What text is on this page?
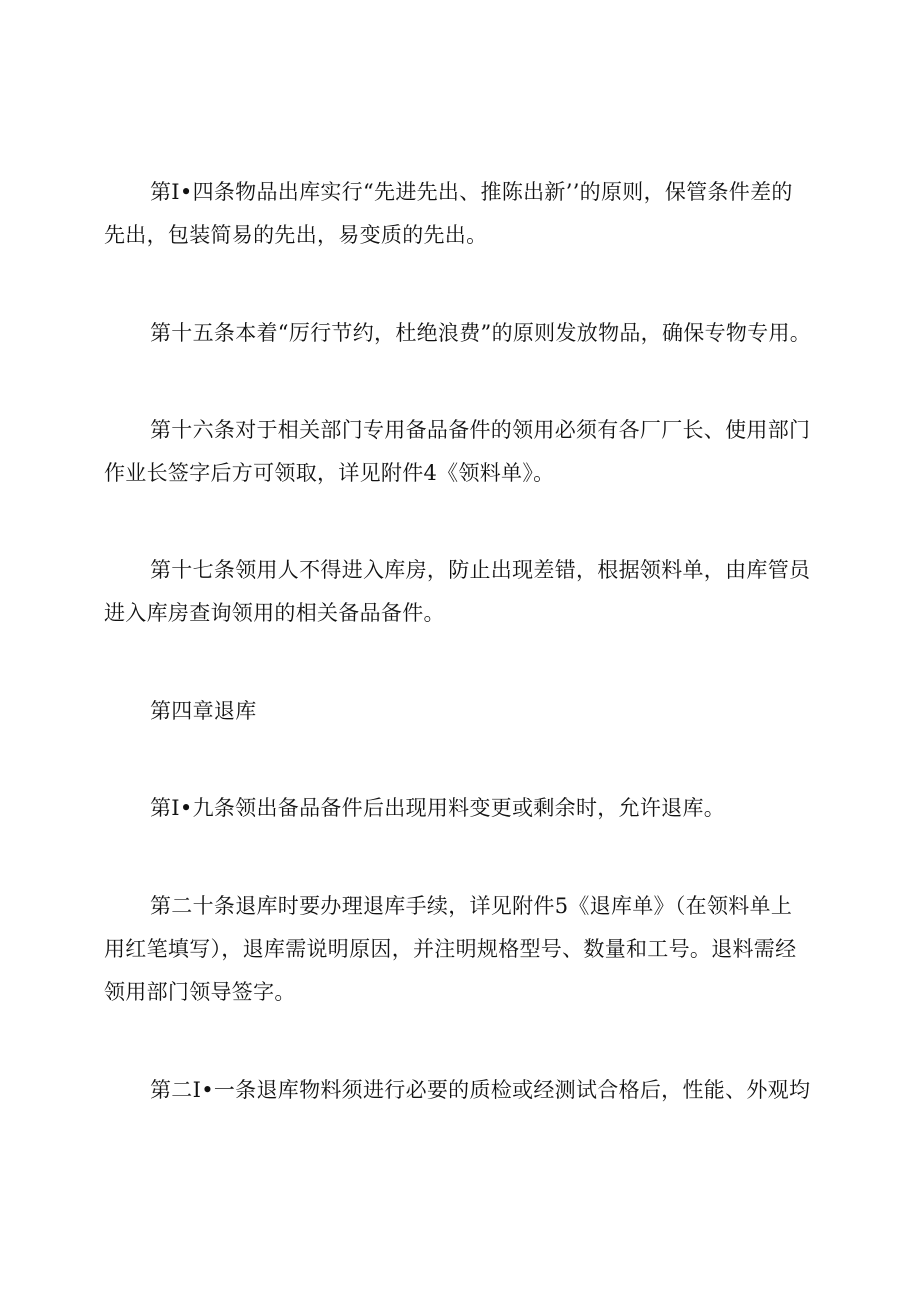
第I•四条物品出库实行“先进先出、推陈出新’’的原则，保管条件差的
先出，包装简易的先出，易变质的先出。

第十五条本着“厉行节约，杜绝浪费”的原则发放物品，确保专物专用。

第十六条对于相关部门专用备品备件的领用必须有各厂厂长、使用部门
作业长签字后方可领取，详见附件4《领料单》。

第十七条领用人不得进入库房，防止出现差错，根据领料单，由库管员
进入库房查询领用的相关备品备件。

第四章退库

第I•九条领出备品备件后出现用料变更或剩余时，允许退库。

第二十条退库时要办理退库手续，详见附件5《退库单》（在领料单上
用红笔填写），退库需说明原因，并注明规格型号、数量和工号。退料需经
领用部门领导签字。

第二I•一条退库物料须进行必要的质检或经测试合格后，性能、外观均
